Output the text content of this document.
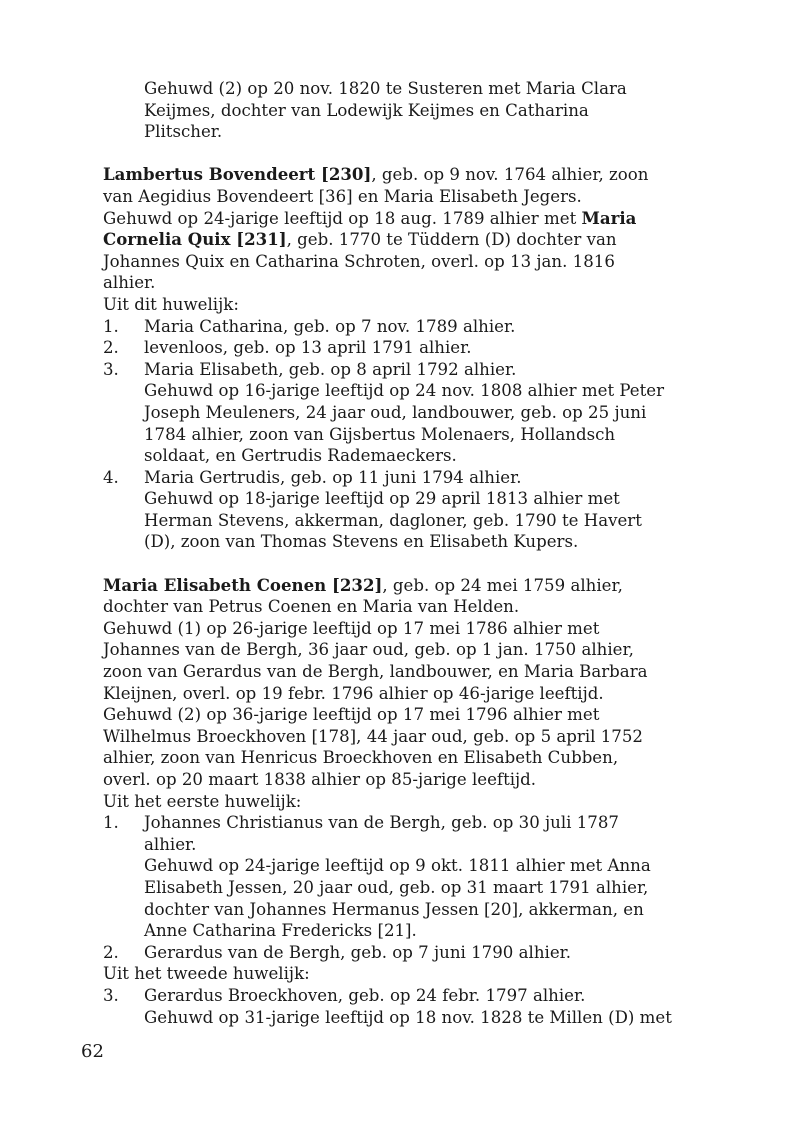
Gehuwd (2) op 20 nov. 1820 te Susteren met Maria Clara
Keijmes, dochter van Lodewijk Keijmes en Catharina
Plitscher.
Lambertus Bovendeert [230], geb. op 9 nov. 1764 alhier, zoon
van Aegidius Bovendeert [36] en Maria Elisabeth Jegers.
Gehuwd op 24-jarige leeftijd op 18 aug. 1789 alhier met Maria
Cornelia Quix [231], geb. 1770 te Tüddern (D) dochter van
Johannes Quix en Catharina Schroten, overl. op 13 jan. 1816
alhier.
Uit dit huwelijk:
1. Maria Catharina, geb. op 7 nov. 1789 alhier.
2. levenloos, geb. op 13 april 1791 alhier.
3. Maria Elisabeth, geb. op 8 april 1792 alhier.
Gehuwd op 16-jarige leeftijd op 24 nov. 1808 alhier met Peter
Joseph Meuleners, 24 jaar oud, landbouwer, geb. op 25 juni
1784 alhier, zoon van Gijsbertus Molenaers, Hollandsch
soldaat, en Gertrudis Rademaeckers.
4. Maria Gertrudis, geb. op 11 juni 1794 alhier.
Gehuwd op 18-jarige leeftijd op 29 april 1813 alhier met
Herman Stevens, akkerman, dagloner, geb. 1790 te Havert
(D), zoon van Thomas Stevens en Elisabeth Kupers.
Maria Elisabeth Coenen [232], geb. op 24 mei 1759 alhier,
dochter van Petrus Coenen en Maria van Helden.
Gehuwd (1) op 26-jarige leeftijd op 17 mei 1786 alhier met
Johannes van de Bergh, 36 jaar oud, geb. op 1 jan. 1750 alhier,
zoon van Gerardus van de Bergh, landbouwer, en Maria Barbara
Kleijnen, overl. op 19 febr. 1796 alhier op 46-jarige leeftijd.
Gehuwd (2) op 36-jarige leeftijd op 17 mei 1796 alhier met
Wilhelmus Broeckhoven [178], 44 jaar oud, geb. op 5 april 1752
alhier, zoon van Henricus Broeckhoven en Elisabeth Cubben,
overl. op 20 maart 1838 alhier op 85-jarige leeftijd.
Uit het eerste huwelijk:
1. Johannes Christianus van de Bergh, geb. op 30 juli 1787
alhier.
Gehuwd op 24-jarige leeftijd op 9 okt. 1811 alhier met Anna
Elisabeth Jessen, 20 jaar oud, geb. op 31 maart 1791 alhier,
dochter van Johannes Hermanus Jessen [20], akkerman, en
Anne Catharina Fredericks [21].
2. Gerardus van de Bergh, geb. op 7 juni 1790 alhier.
Uit het tweede huwelijk:
3. Gerardus Broeckhoven, geb. op 24 febr. 1797 alhier.
Gehuwd op 31-jarige leeftijd op 18 nov. 1828 te Millen (D) met
62
